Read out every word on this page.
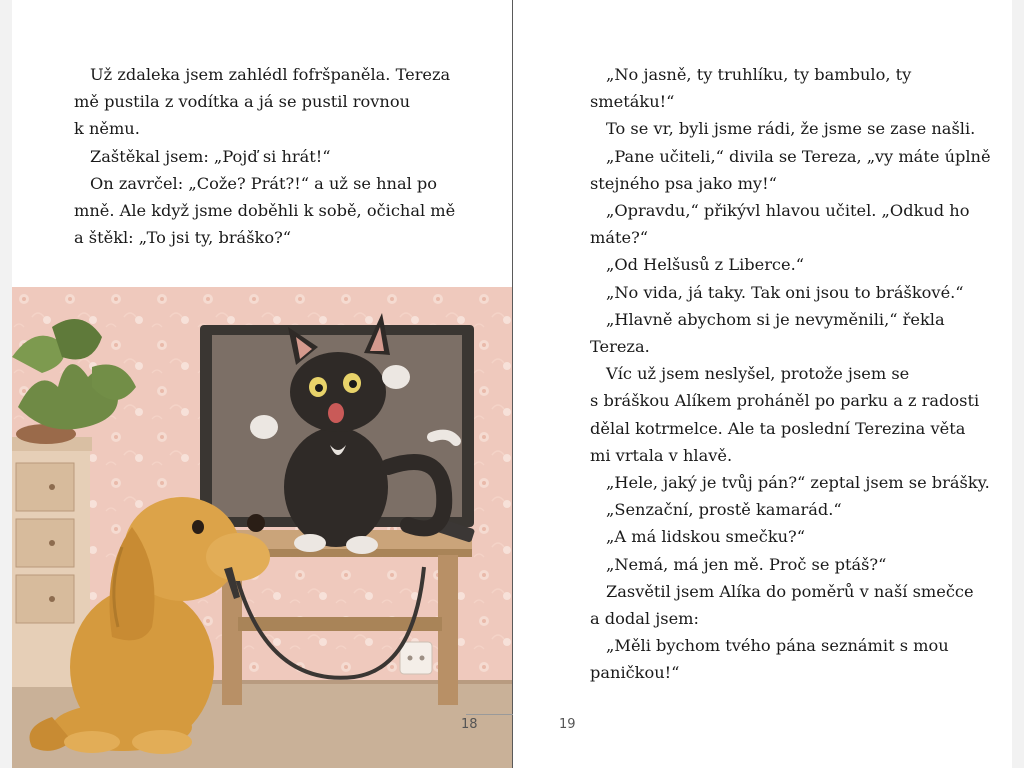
Už zdaleka jsem zahlédl fofršpaněla. Tereza
mě pustila z vodítka a já se pustil rovnou
k němu.
Zaštěkal jsem: „Pojď si hrát!“
On zavrčel: „Cože? Prát?!“ a už se hnal po
mně. Ale když jsme doběhli k sobě, očichal mě
a štěkl: „To jsi ty, bráško?“
18
„No jasně, ty truhlíku, ty bambulo, ty
smetáku!“
To se vr, byli jsme rádi, že jsme se zase našli.
„Pane učiteli,“ divila se Tereza, „vy máte úplně
stejného psa jako my!“
„Opravdu,“ přikývl hlavou učitel. „Odkud ho
máte?“
„Od Helšusů z Liberce.“
„No vida, já taky. Tak oni jsou to bráškové.“
„Hlavně abychom si je nevyměnili,“ řekla
Tereza.
Víc už jsem neslyšel, protože jsem se
s bráškou Alíkem proháněl po parku a z radosti
dělal kotrmelce. Ale ta poslední Terezina věta
mi vrtala v hlavě.
„Hele, jaký je tvůj pán?“ zeptal jsem se brášky.
„Senzační, prostě kamarád.“
„A má lidskou smečku?“
„Nemá, má jen mě. Proč se ptáš?“
Zasvětil jsem Alíka do poměrů v naší smečce
a dodal jsem:
„Měli bychom tvého pána seznámit s mou
paničkou!“
19
